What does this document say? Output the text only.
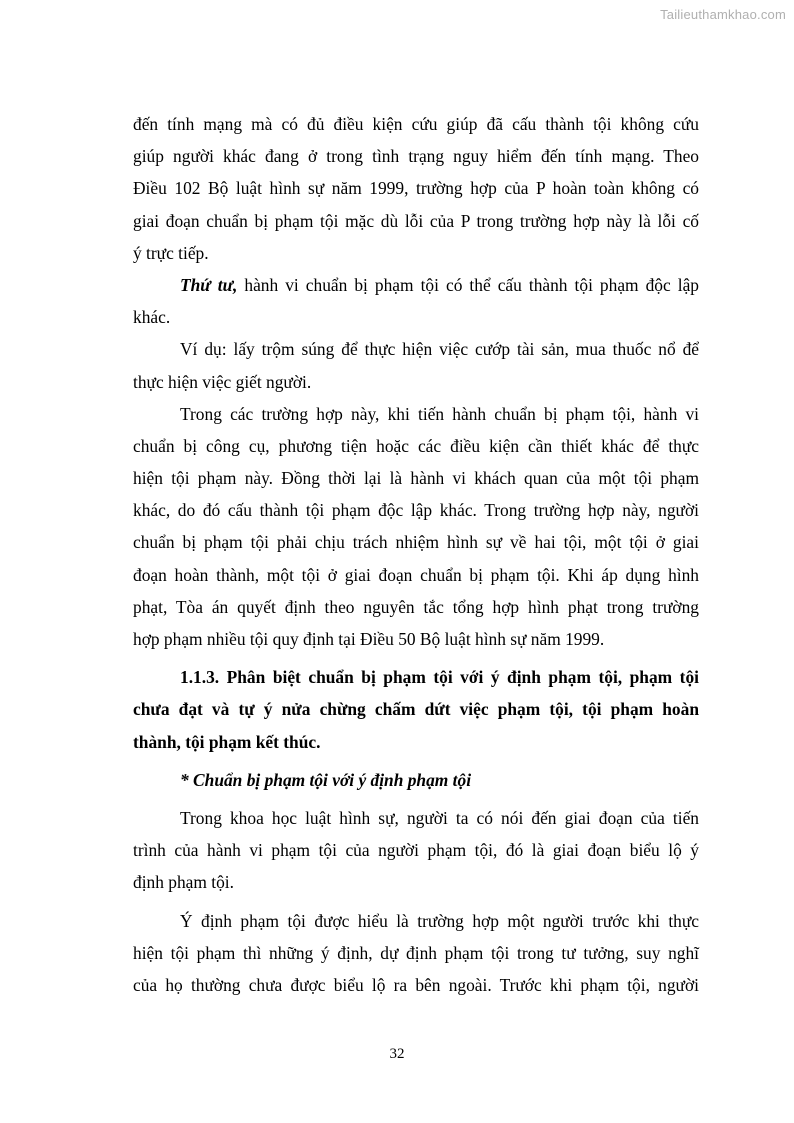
Tailieuthamkhao.com
đến tính mạng mà có đủ điều kiện cứu giúp đã cấu thành tội không cứu
giúp người khác đang ở trong tình trạng nguy hiểm đến tính mạng. Theo
Điều 102 Bộ luật hình sự năm 1999, trường hợp của P hoàn toàn không có
giai đoạn chuẩn bị phạm tội mặc dù lỗi của P trong trường hợp này là lỗi cố
ý trực tiếp.
Thứ tư, hành vi chuẩn bị phạm tội có thể cấu thành tội phạm độc lập
khác.
Ví dụ: lấy trộm súng để thực hiện việc cướp tài sản, mua thuốc nổ để
thực hiện việc giết người.
Trong các trường hợp này, khi tiến hành chuẩn bị phạm tội, hành vi
chuẩn bị công cụ, phương tiện hoặc các điều kiện cần thiết khác để thực
hiện tội phạm này. Đồng thời lại là hành vi khách quan của một tội phạm
khác, do đó cấu thành tội phạm độc lập khác. Trong trường hợp này, người
chuẩn bị phạm tội phải chịu trách nhiệm hình sự về hai tội, một tội ở giai
đoạn hoàn thành, một tội ở giai đoạn chuẩn bị phạm tội. Khi áp dụng hình
phạt, Tòa án quyết định theo nguyên tắc tổng hợp hình phạt trong trường
hợp phạm nhiều tội quy định tại Điều 50 Bộ luật hình sự năm 1999.
1.1.3. Phân biệt chuẩn bị phạm tội với ý định phạm tội, phạm tội
chưa đạt và tự ý nửa chừng chấm dứt việc phạm tội, tội phạm hoàn
thành, tội phạm kết thúc.
* Chuẩn bị phạm tội với ý định phạm tội
Trong khoa học luật hình sự, người ta có nói đến giai đoạn của tiến
trình của hành vi phạm tội của người phạm tội, đó là giai đoạn biểu lộ ý
định phạm tội.
Ý định phạm tội được hiểu là trường hợp một người trước khi thực
hiện tội phạm thì những ý định, dự định phạm tội trong tư tưởng, suy nghĩ
của họ thường chưa được biểu lộ ra bên ngoài. Trước khi phạm tội, người
32
